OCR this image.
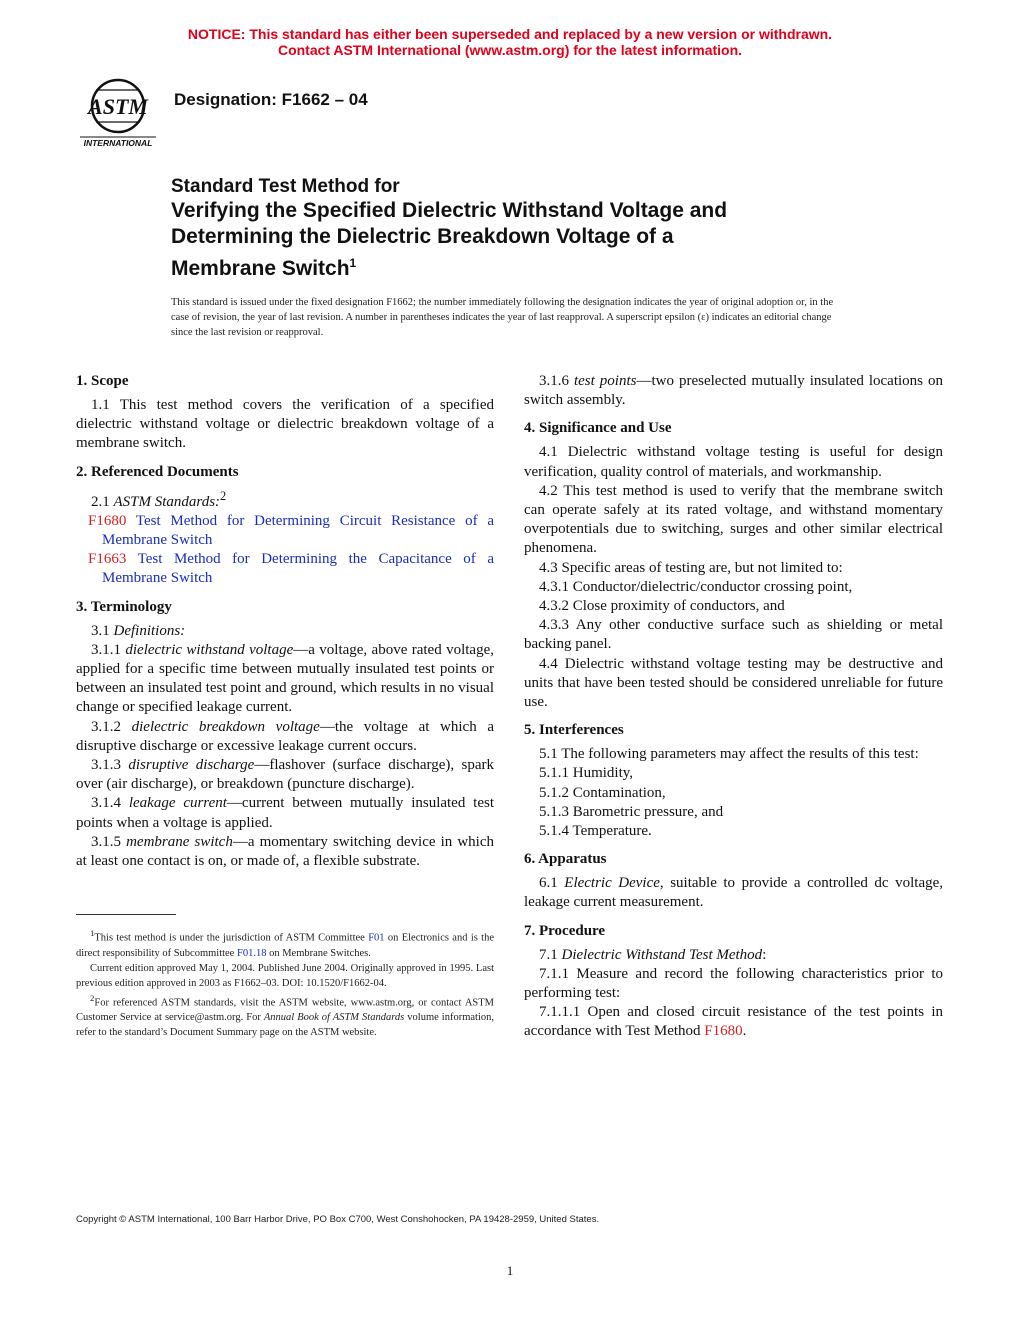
NOTICE: This standard has either been superseded and replaced by a new version or withdrawn.
Contact ASTM International (www.astm.org) for the latest information.
ASTM
INTERNATIONAL
Designation: F1662 – 04
Standard Test Method for
Verifying the Specified Dielectric Withstand Voltage and
Determining the Dielectric Breakdown Voltage of a
Membrane Switch$^1$
This standard is issued under the fixed designation F1662; the number immediately following the designation indicates the year of original adoption or, in the case of revision, the year of last revision. A number in parentheses indicates the year of last reapproval. A superscript epsilon (ε) indicates an editorial change since the last revision or reapproval.
1. Scope

1.1 This test method covers the verification of a specified dielectric withstand voltage or dielectric breakdown voltage of a membrane switch.

2. Referenced Documents

2.1 ASTM Standards:$^2$

F1680 Test Method for Determining Circuit Resistance of a Membrane Switch

F1663 Test Method for Determining the Capacitance of a Membrane Switch

3. Terminology

3.1 Definitions:

3.1.1 dielectric withstand voltage—a voltage, above rated voltage, applied for a specific time between mutually insulated test points or between an insulated test point and ground, which results in no visual change or specified leakage current.

3.1.2 dielectric breakdown voltage—the voltage at which a disruptive discharge or excessive leakage current occurs.

3.1.3 disruptive discharge—flashover (surface discharge), spark over (air discharge), or breakdown (puncture discharge).

3.1.4 leakage current—current between mutually insulated test points when a voltage is applied.

3.1.5 membrane switch—a momentary switching device in which at least one contact is on, or made of, a flexible substrate.

3.1.6 test points—two preselected mutually insulated locations on switch assembly.

4. Significance and Use

4.1 Dielectric withstand voltage testing is useful for design verification, quality control of materials, and workmanship.

4.2 This test method is used to verify that the membrane switch can operate safely at its rated voltage, and withstand momentary overpotentials due to switching, surges and other similar electrical phenomena.

4.3 Specific areas of testing are, but not limited to:

4.3.1 Conductor/dielectric/conductor crossing point,

4.3.2 Close proximity of conductors, and

4.3.3 Any other conductive surface such as shielding or metal backing panel.

4.4 Dielectric withstand voltage testing may be destructive and units that have been tested should be considered unreliable for future use.

5. Interferences

5.1 The following parameters may affect the results of this test:

5.1.1 Humidity,

5.1.2 Contamination,

5.1.3 Barometric pressure, and

5.1.4 Temperature.

6. Apparatus

6.1 Electric Device, suitable to provide a controlled dc voltage, leakage current measurement.

7. Procedure

7.1 Dielectric Withstand Test Method:

7.1.1 Measure and record the following characteristics prior to performing test:

7.1.1.1 Open and closed circuit resistance of the test points in accordance with Test Method F1680.

$^1$This test method is under the jurisdiction of ASTM Committee F01 on Electronics and is the direct responsibility of Subcommittee F01.18 on Membrane Switches.

Current edition approved May 1, 2004. Published June 2004. Originally approved in 1995. Last previous edition approved in 2003 as F1662–03. DOI: 10.1520/F1662-04.

$^2$For referenced ASTM standards, visit the ASTM website, www.astm.org, or contact ASTM Customer Service at service@astm.org. For Annual Book of ASTM Standards volume information, refer to the standard’s Document Summary page on the ASTM website.

Copyright © ASTM International, 100 Barr Harbor Drive, PO Box C700, West Conshohocken, PA 19428-2959, United States.
1
